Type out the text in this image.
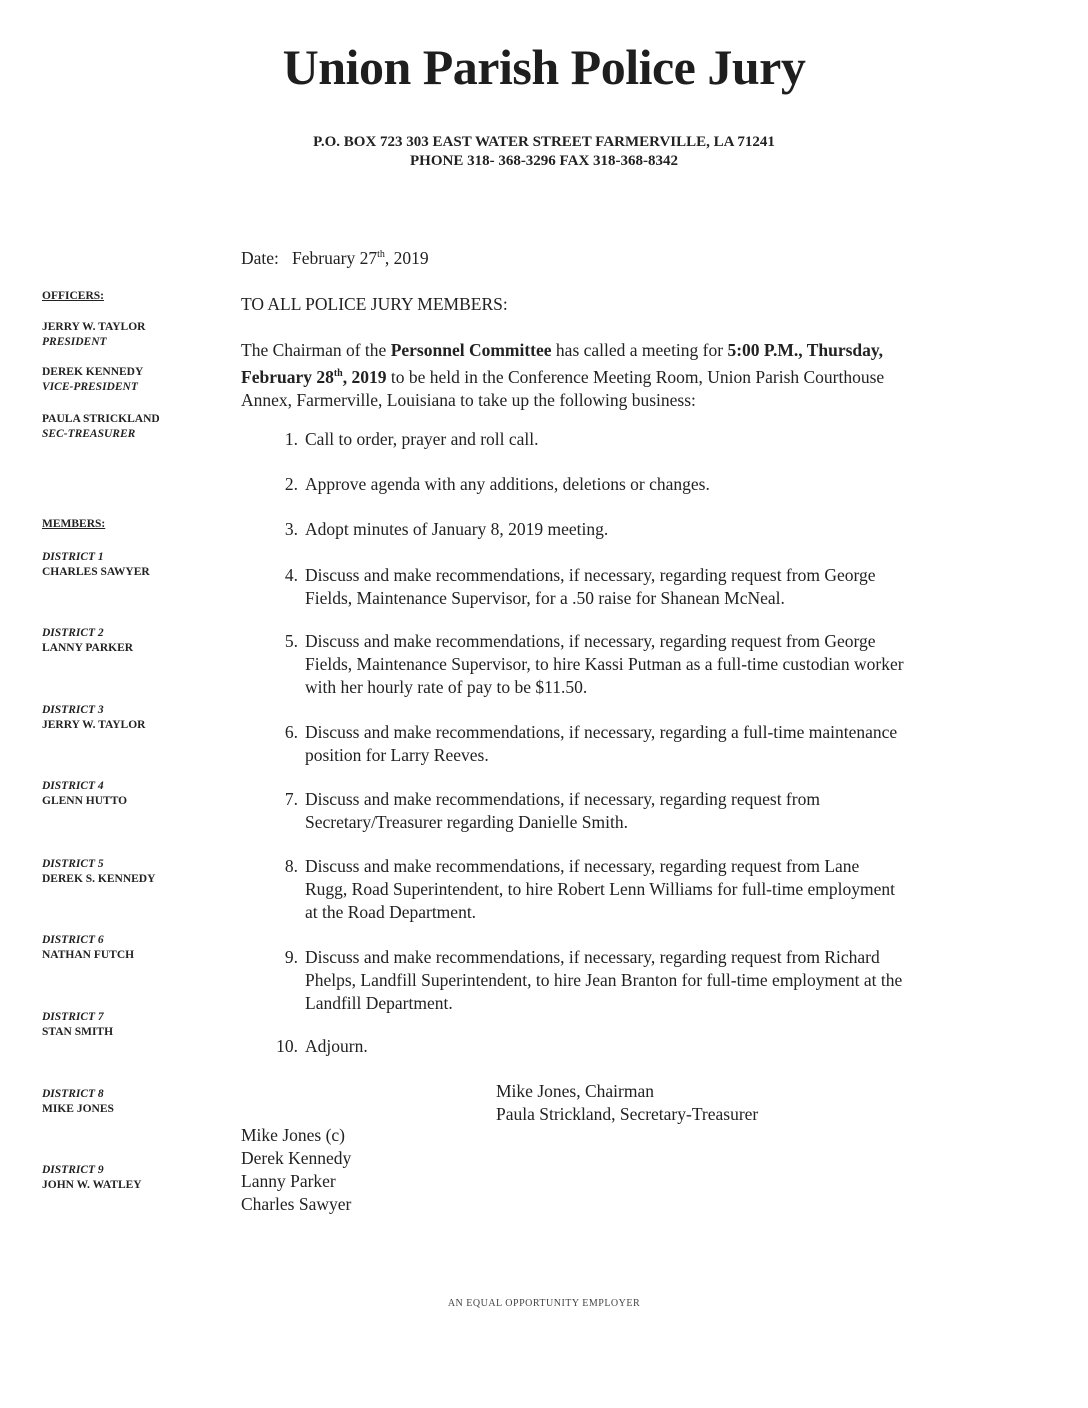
Union Parish Police Jury
P.O. BOX 723 303 EAST WATER STREET FARMERVILLE, LA 71241
PHONE 318- 368-3296 FAX 318-368-8342
OFFICERS:
JERRY W. TAYLOR
PRESIDENT
DEREK KENNEDY
VICE-PRESIDENT
PAULA STRICKLAND
SEC-TREASURER
MEMBERS:
DISTRICT 1
CHARLES SAWYER
DISTRICT 2
LANNY PARKER
DISTRICT 3
JERRY W. TAYLOR
DISTRICT 4
GLENN HUTTO
DISTRICT 5
DEREK S. KENNEDY
DISTRICT 6
NATHAN FUTCH
DISTRICT 7
STAN SMITH
DISTRICT 8
MIKE JONES
DISTRICT 9
JOHN W. WATLEY
Date: February 27th, 2019
TO ALL POLICE JURY MEMBERS:
The Chairman of the Personnel Committee has called a meeting for 5:00 P.M., Thursday,
February 28th, 2019 to be held in the Conference Meeting Room, Union Parish Courthouse
Annex, Farmerville, Louisiana to take up the following business:
1. Call to order, prayer and roll call.
2. Approve agenda with any additions, deletions or changes.
3. Adopt minutes of January 8, 2019 meeting.
4. Discuss and make recommendations, if necessary, regarding request from George
Fields, Maintenance Supervisor, for a .50 raise for Shanean McNeal.
5. Discuss and make recommendations, if necessary, regarding request from George
Fields, Maintenance Supervisor, to hire Kassi Putman as a full-time custodian worker
with her hourly rate of pay to be $11.50.
6. Discuss and make recommendations, if necessary, regarding a full-time maintenance
position for Larry Reeves.
7. Discuss and make recommendations, if necessary, regarding request from
Secretary/Treasurer regarding Danielle Smith.
8. Discuss and make recommendations, if necessary, regarding request from Lane
Rugg, Road Superintendent, to hire Robert Lenn Williams for full-time employment
at the Road Department.
9. Discuss and make recommendations, if necessary, regarding request from Richard
Phelps, Landfill Superintendent, to hire Jean Branton for full-time employment at the
Landfill Department.
10. Adjourn.
Mike Jones, Chairman
Paula Strickland, Secretary-Treasurer
Mike Jones (c)
Derek Kennedy
Lanny Parker
Charles Sawyer
AN EQUAL OPPORTUNITY EMPLOYER
